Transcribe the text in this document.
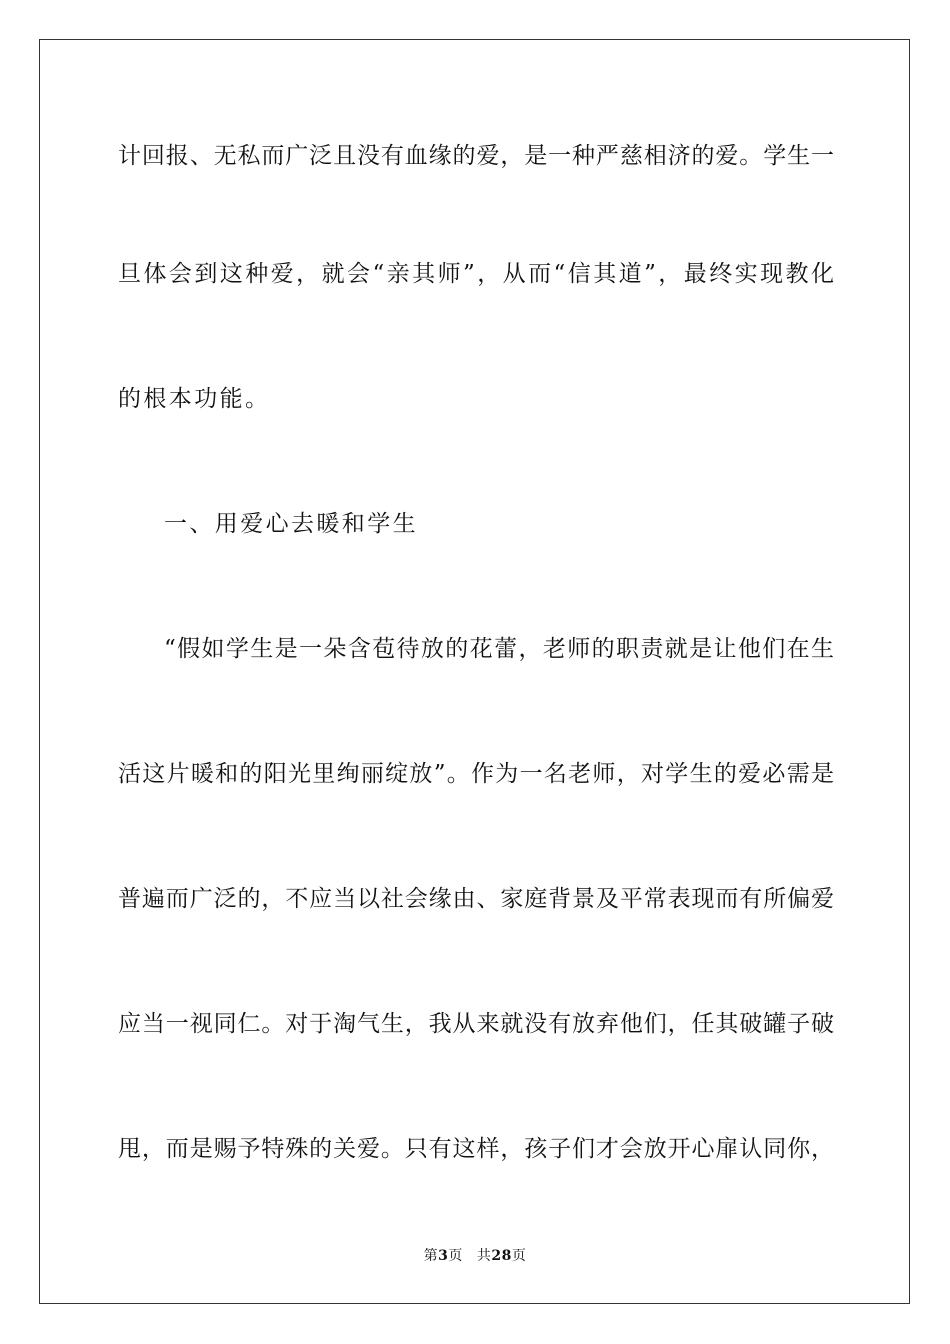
计回报、无私而广泛且没有血缘的爱，是一种严慈相济的爱。学生一
旦体会到这种爱，就会“亲其师”，从而“信其道”，最终实现教化
的根本功能。
一、用爱心去暖和学生
“假如学生是一朵含苞待放的花蕾，老师的职责就是让他们在生
活这片暖和的阳光里绚丽绽放”。作为一名老师，对学生的爱必需是
普遍而广泛的，不应当以社会缘由、家庭背景及平常表现而有所偏爱
应当一视同仁。对于淘气生，我从来就没有放弃他们，任其破罐子破
甩，而是赐予特殊的关爱。只有这样，孩子们才会放开心扉认同你，
第3页 共28页
